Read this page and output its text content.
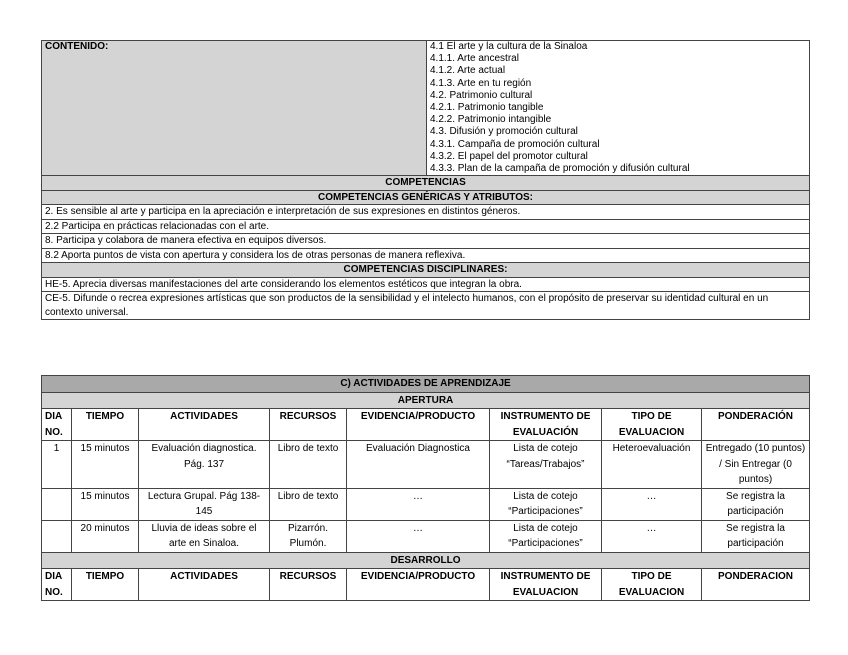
CONTENIDO:	4.1 El arte y la cultura de la Sinaloa
4.1.1. Arte ancestral
4.1.2. Arte actual
4.1.3. Arte en tu región
4.2. Patrimonio cultural
4.2.1. Patrimonio tangible
4.2.2. Patrimonio intangible
4.3. Difusión y promoción cultural
4.3.1. Campaña de promoción cultural
4.3.2. El papel del promotor cultural
4.3.3. Plan de la campaña de promoción y difusión cultural

COMPETENCIAS
COMPETENCIAS GENÉRICAS Y ATRIBUTOS:
2. Es sensible al arte y participa en la apreciación e interpretación de sus expresiones en distintos géneros.
2.2 Participa en prácticas relacionadas con el arte.
8. Participa y colabora de manera efectiva en equipos diversos.
8.2 Aporta puntos de vista con apertura y considera los de otras personas de manera reflexiva.
COMPETENCIAS DISCIPLINARES:
HE-5. Aprecia diversas manifestaciones del arte considerando los elementos estéticos que integran la obra.
CE-5. Difunde o recrea expresiones artísticas que son productos de la sensibilidad y el intelecto humanos, con el propósito de preservar su identidad cultural en un contexto universal.
C) ACTIVIDADES DE APRENDIZAJE							
APERTURA							
DIA NO.	TIEMPO	ACTIVIDADES	RECURSOS	EVIDENCIA/PRODUCTO	INSTRUMENTO DE EVALUACIÓN	TIPO DE EVALUACION	PONDERACIÓN
1	15 minutos	Evaluación diagnostica. Pág. 137	Libro de texto	Evaluación Diagnostica	Lista de cotejo “Tareas/Trabajos”	Heteroevaluación	Entregado (10 puntos) / Sin Entregar (0 puntos)
	15 minutos	Lectura Grupal. Pág 138-145	Libro de texto	…	Lista de cotejo “Participaciones”	…	Se registra la participación
	20 minutos	Lluvia de ideas sobre el arte en Sinaloa.	Pizarrón. Plumón.	…	Lista de cotejo “Participaciones”	…	Se registra la participación
DESARROLLO							
DIA NO.	TIEMPO	ACTIVIDADES	RECURSOS	EVIDENCIA/PRODUCTO	INSTRUMENTO DE EVALUACION	TIPO DE EVALUACION	PONDERACION
